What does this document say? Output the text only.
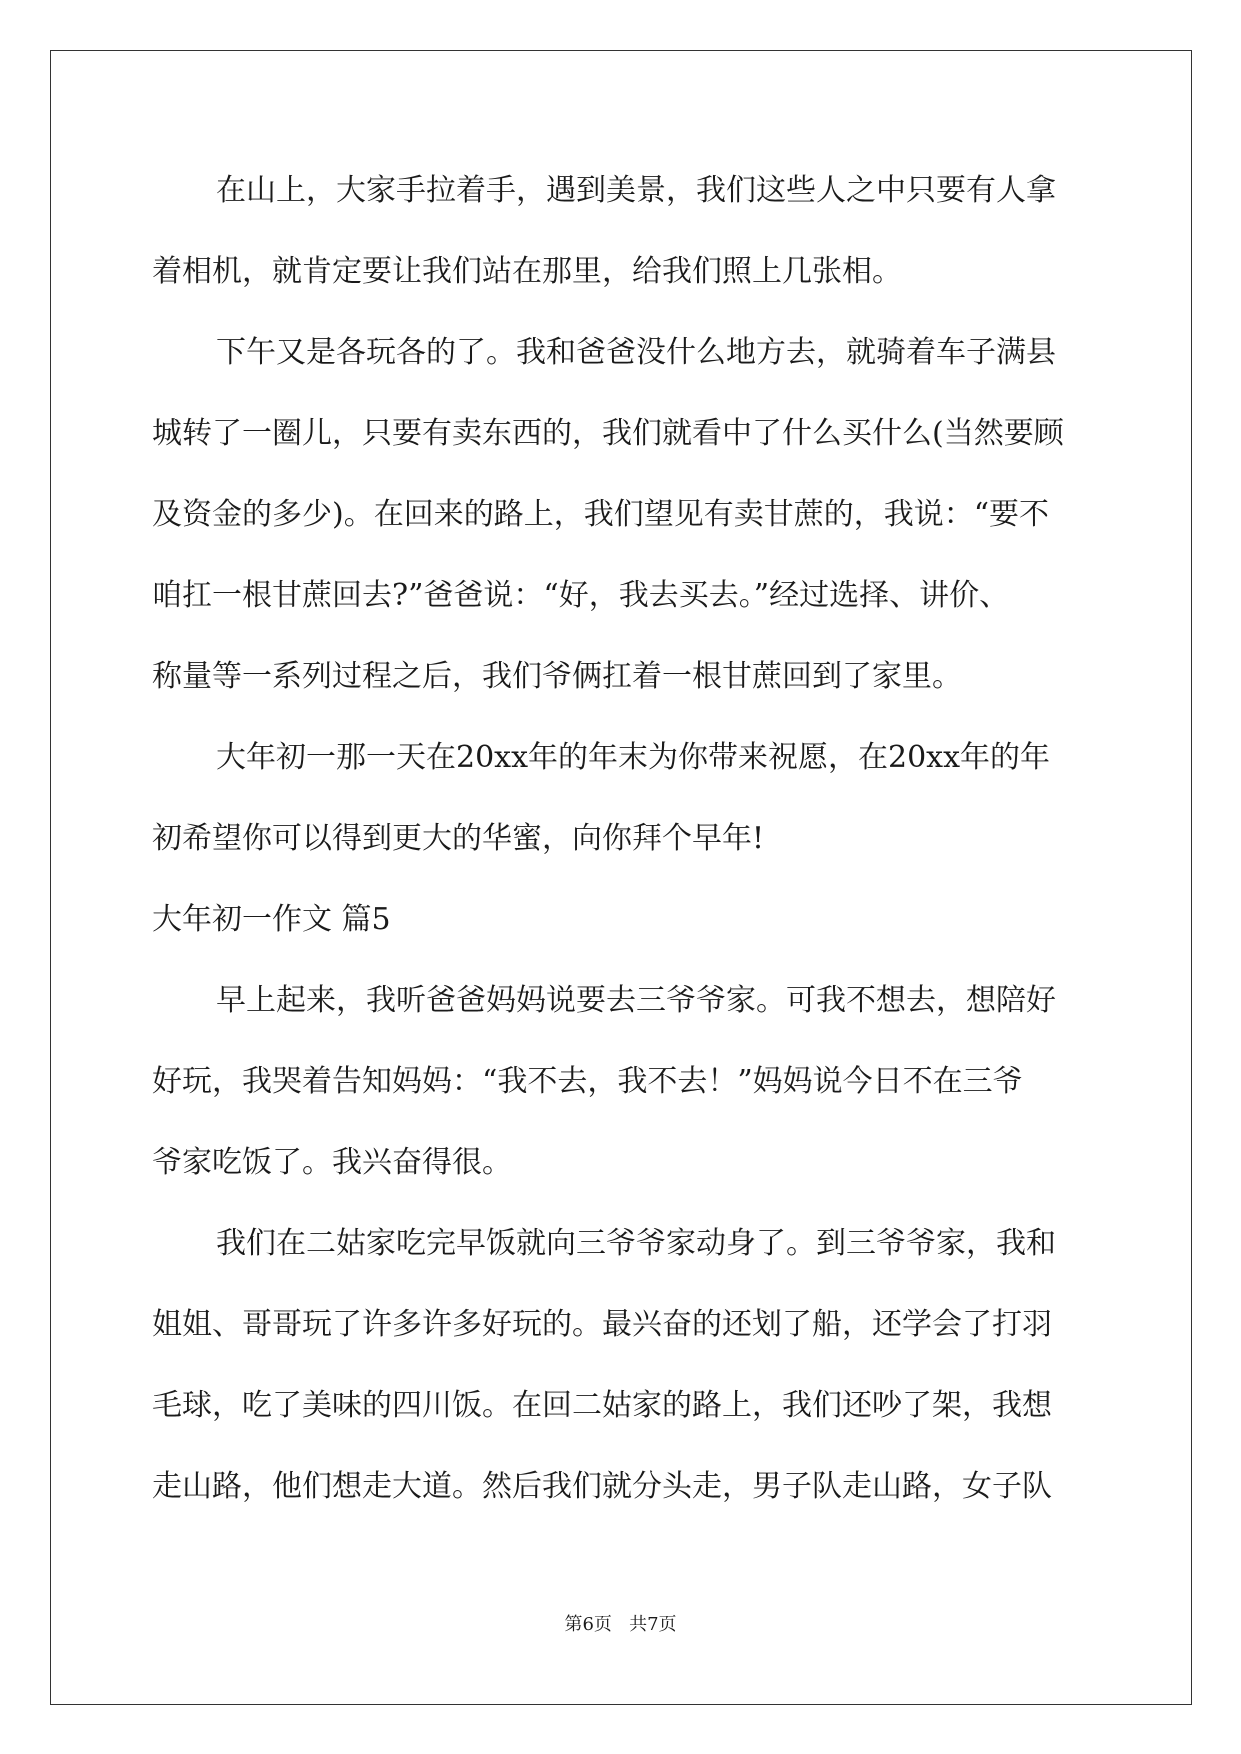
在山上，大家手拉着手，遇到美景，我们这些人之中只要有人拿

着相机，就肯定要让我们站在那里，给我们照上几张相。

下午又是各玩各的了。我和爸爸没什么地方去，就骑着车子满县

城转了一圈儿，只要有卖东西的，我们就看中了什么买什么(当然要顾

及资金的多少)。在回来的路上，我们望见有卖甘蔗的，我说：“要不

咱扛一根甘蔗回去?”爸爸说：“好，我去买去。”经过选择、讲价、

称量等一系列过程之后，我们爷俩扛着一根甘蔗回到了家里。

大年初一那一天在20xx年的年末为你带来祝愿，在20xx年的年

初希望你可以得到更大的华蜜，向你拜个早年!

大年初一作文 篇5

早上起来，我听爸爸妈妈说要去三爷爷家。可我不想去，想陪好

好玩，我哭着告知妈妈：“我不去，我不去！”妈妈说今日不在三爷

爷家吃饭了。我兴奋得很。

我们在二姑家吃完早饭就向三爷爷家动身了。到三爷爷家，我和

姐姐、哥哥玩了许多许多好玩的。最兴奋的还划了船，还学会了打羽

毛球，吃了美味的四川饭。在回二姑家的路上，我们还吵了架，我想

走山路，他们想走大道。然后我们就分头走，男子队走山路，女子队

第6页   共7页
